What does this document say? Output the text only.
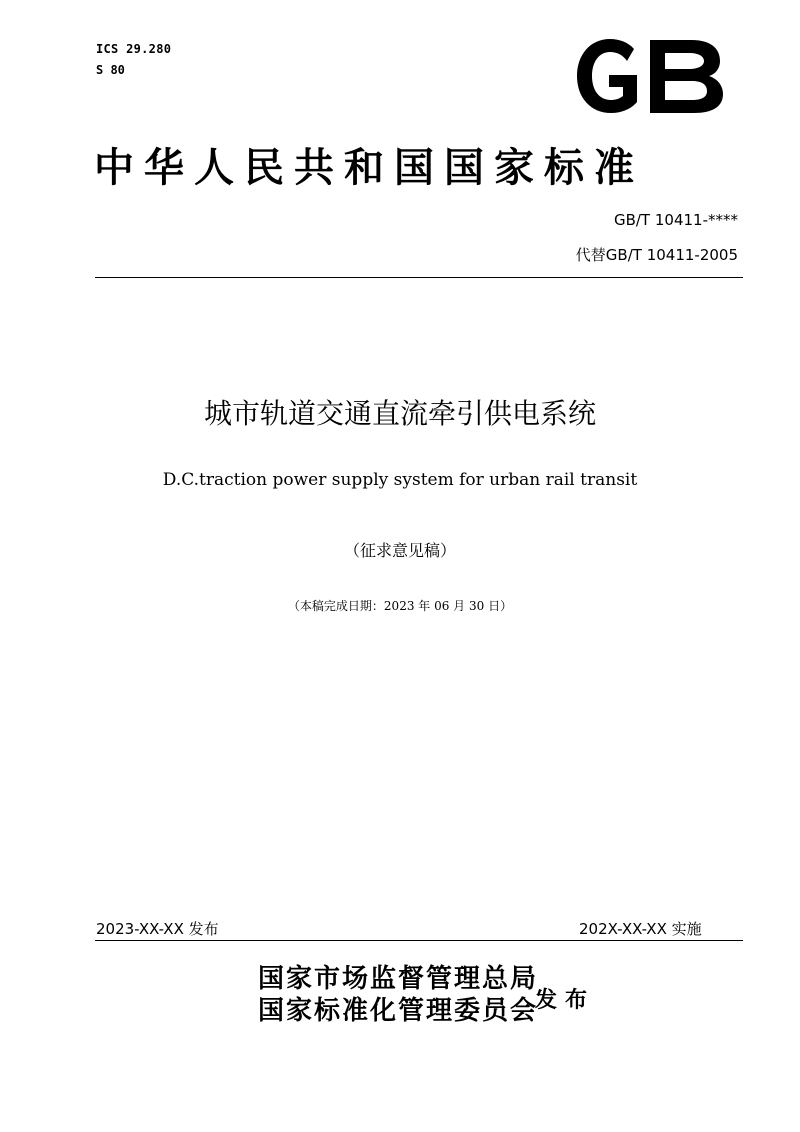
ICS 29.280
S 80
中华人民共和国国家标准
GB/T 10411-****
代替GB/T 10411-2005
城市轨道交通直流牵引供电系统
D.C.traction power supply system for urban rail transit
（征求意见稿）
（本稿完成日期：2023 年 06 月 30 日）
2023-XX-XX 发布	202X-XX-XX 实施
国家市场监督管理总局
国家标准化管理委员会
发布
